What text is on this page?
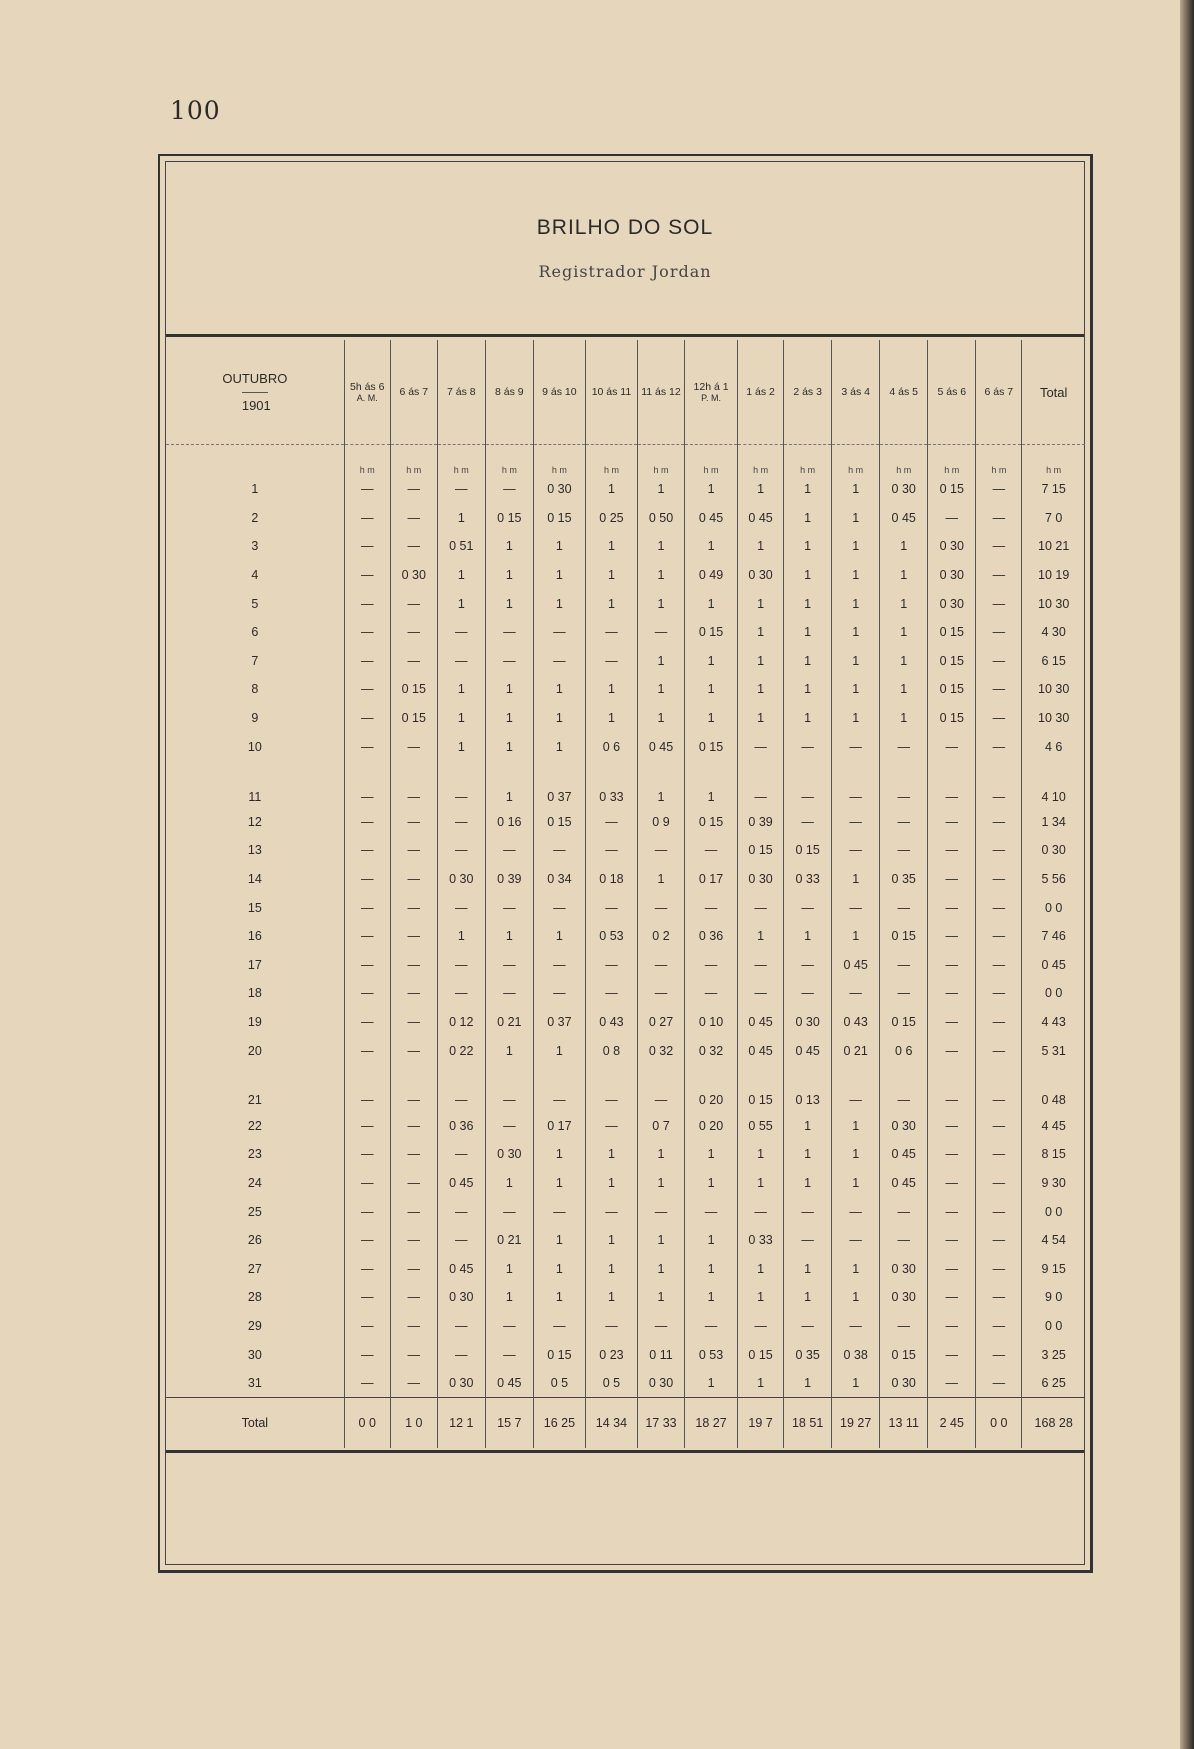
100
BRILHO DO SOL
Registrador Jordan
OUTUBRO
1901	5h ás 6
A. M.	6 ás 7	7 ás 8	8 ás 9	9 ás 10	10 ás 11	11 ás 12	12h á 1
P. M.	1 ás 2	2 ás 3	3 ás 4	4 ás 5	5 ás 6	6 ás 7	Total
	h m	h m	h m	h m	h m	h m	h m	h m	h m	h m	h m	h m	h m	h m	h m
1	—	—	—	—	0 30	1	1	1	1	1	1	0 30	0 15	—	7 15
2	—	—	1	0 15	0 15	0 25	0 50	0 45	0 45	1	1	0 45	—	—	7 0
3	—	—	0 51	1	1	1	1	1	1	1	1	1	0 30	—	10 21
4	—	0 30	1	1	1	1	1	0 49	0 30	1	1	1	0 30	—	10 19
5	—	—	1	1	1	1	1	1	1	1	1	1	0 30	—	10 30
6	—	—	—	—	—	—	—	0 15	1	1	1	1	0 15	—	4 30
7	—	—	—	—	—	—	1	1	1	1	1	1	0 15	—	6 15
8	—	0 15	1	1	1	1	1	1	1	1	1	1	0 15	—	10 30
9	—	0 15	1	1	1	1	1	1	1	1	1	1	0 15	—	10 30
10	—	—	1	1	1	0 6	0 45	0 15	—	—	—	—	—	—	4 6
11	—	—	—	1	0 37	0 33	1	1	—	—	—	—	—	—	4 10
12	—	—	—	0 16	0 15	—	0 9	0 15	0 39	—	—	—	—	—	1 34
13	—	—	—	—	—	—	—	—	0 15	0 15	—	—	—	—	0 30
14	—	—	0 30	0 39	0 34	0 18	1	0 17	0 30	0 33	1	0 35	—	—	5 56
15	—	—	—	—	—	—	—	—	—	—	—	—	—	—	0 0
16	—	—	1	1	1	0 53	0 2	0 36	1	1	1	0 15	—	—	7 46
17	—	—	—	—	—	—	—	—	—	—	0 45	—	—	—	0 45
18	—	—	—	—	—	—	—	—	—	—	—	—	—	—	0 0
19	—	—	0 12	0 21	0 37	0 43	0 27	0 10	0 45	0 30	0 43	0 15	—	—	4 43
20	—	—	0 22	1	1	0 8	0 32	0 32	0 45	0 45	0 21	0 6	—	—	5 31
21	—	—	—	—	—	—	—	0 20	0 15	0 13	—	—	—	—	0 48
22	—	—	0 36	—	0 17	—	0 7	0 20	0 55	1	1	0 30	—	—	4 45
23	—	—	—	0 30	1	1	1	1	1	1	1	0 45	—	—	8 15
24	—	—	0 45	1	1	1	1	1	1	1	1	0 45	—	—	9 30
25	—	—	—	—	—	—	—	—	—	—	—	—	—	—	0 0
26	—	—	—	0 21	1	1	1	1	0 33	—	—	—	—	—	4 54
27	—	—	0 45	1	1	1	1	1	1	1	1	0 30	—	—	9 15
28	—	—	0 30	1	1	1	1	1	1	1	1	0 30	—	—	9 0
29	—	—	—	—	—	—	—	—	—	—	—	—	—	—	0 0
30	—	—	—	—	0 15	0 23	0 11	0 53	0 15	0 35	0 38	0 15	—	—	3 25
31	—	—	0 30	0 45	0 5	0 5	0 30	1	1	1	1	0 30	—	—	6 25
Total	0 0	1 0	12 1	15 7	16 25	14 34	17 33	18 27	19 7	18 51	19 27	13 11	2 45	0 0	168 28
